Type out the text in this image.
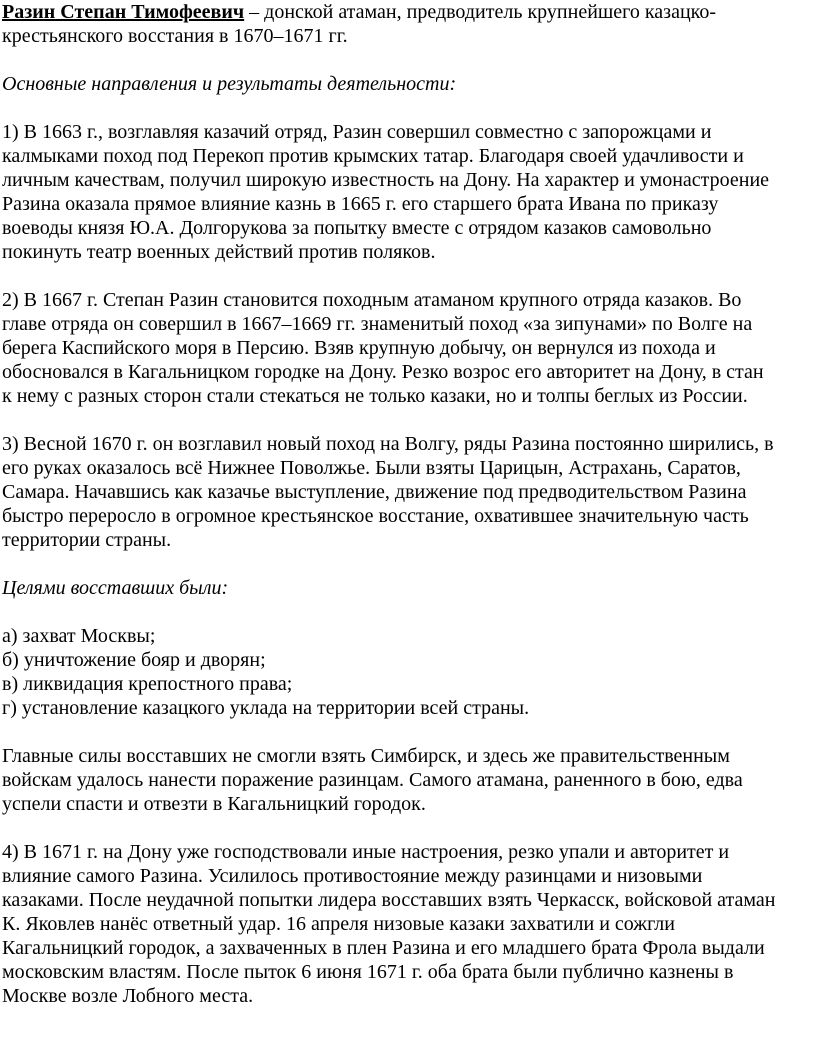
Разин Степан Тимофеевич – донской атаман, предводитель крупнейшего казацко-
крестьянского восстания в 1670–1671 гг.
Основные направления и результаты деятельности:
1) В 1663 г., возглавляя казачий отряд, Разин совершил совместно с запорожцами и
калмыками поход под Перекоп против крымских татар. Благодаря своей удачливости и
личным качествам, получил широкую известность на Дону. На характер и умонастроение
Разина оказала прямое влияние казнь в 1665 г. его старшего брата Ивана по приказу
воеводы князя Ю.А. Долгорукова за попытку вместе с отрядом казаков самовольно
покинуть театр военных действий против поляков.
2) В 1667 г. Степан Разин становится походным атаманом крупного отряда казаков. Во
главе отряда он совершил в 1667–1669 гг. знаменитый поход «за зипунами» по Волге на
берега Каспийского моря в Персию. Взяв крупную добычу, он вернулся из похода и
обосновался в Кагальницком городке на Дону. Резко возрос его авторитет на Дону, в стан
к нему с разных сторон стали стекаться не только казаки, но и толпы беглых из России.
3) Весной 1670 г. он возглавил новый поход на Волгу, ряды Разина постоянно ширились, в
его руках оказалось всё Нижнее Поволжье. Были взяты Царицын, Астрахань, Саратов,
Самара. Начавшись как казачье выступление, движение под предводительством Разина
быстро переросло в огромное крестьянское восстание, охватившее значительную часть
территории страны.
Целями восставших были:
а) захват Москвы;
б) уничтожение бояр и дворян;
в) ликвидация крепостного права;
г) установление казацкого уклада на территории всей страны.
Главные силы восставших не смогли взять Симбирск, и здесь же правительственным
войскам удалось нанести поражение разинцам. Самого атамана, раненного в бою, едва
успели спасти и отвезти в Кагальницкий городок.
4) В 1671 г. на Дону уже господствовали иные настроения, резко упали и авторитет и
влияние самого Разина. Усилилось противостояние между разинцами и низовыми
казаками. После неудачной попытки лидера восставших взять Черкасск, войсковой атаман
К. Яковлев нанёс ответный удар. 16 апреля низовые казаки захватили и сожгли
Кагальницкий городок, а захваченных в плен Разина и его младшего брата Фрола выдали
московским властям. После пыток 6 июня 1671 г. оба брата были публично казнены в
Москве возле Лобного места.
